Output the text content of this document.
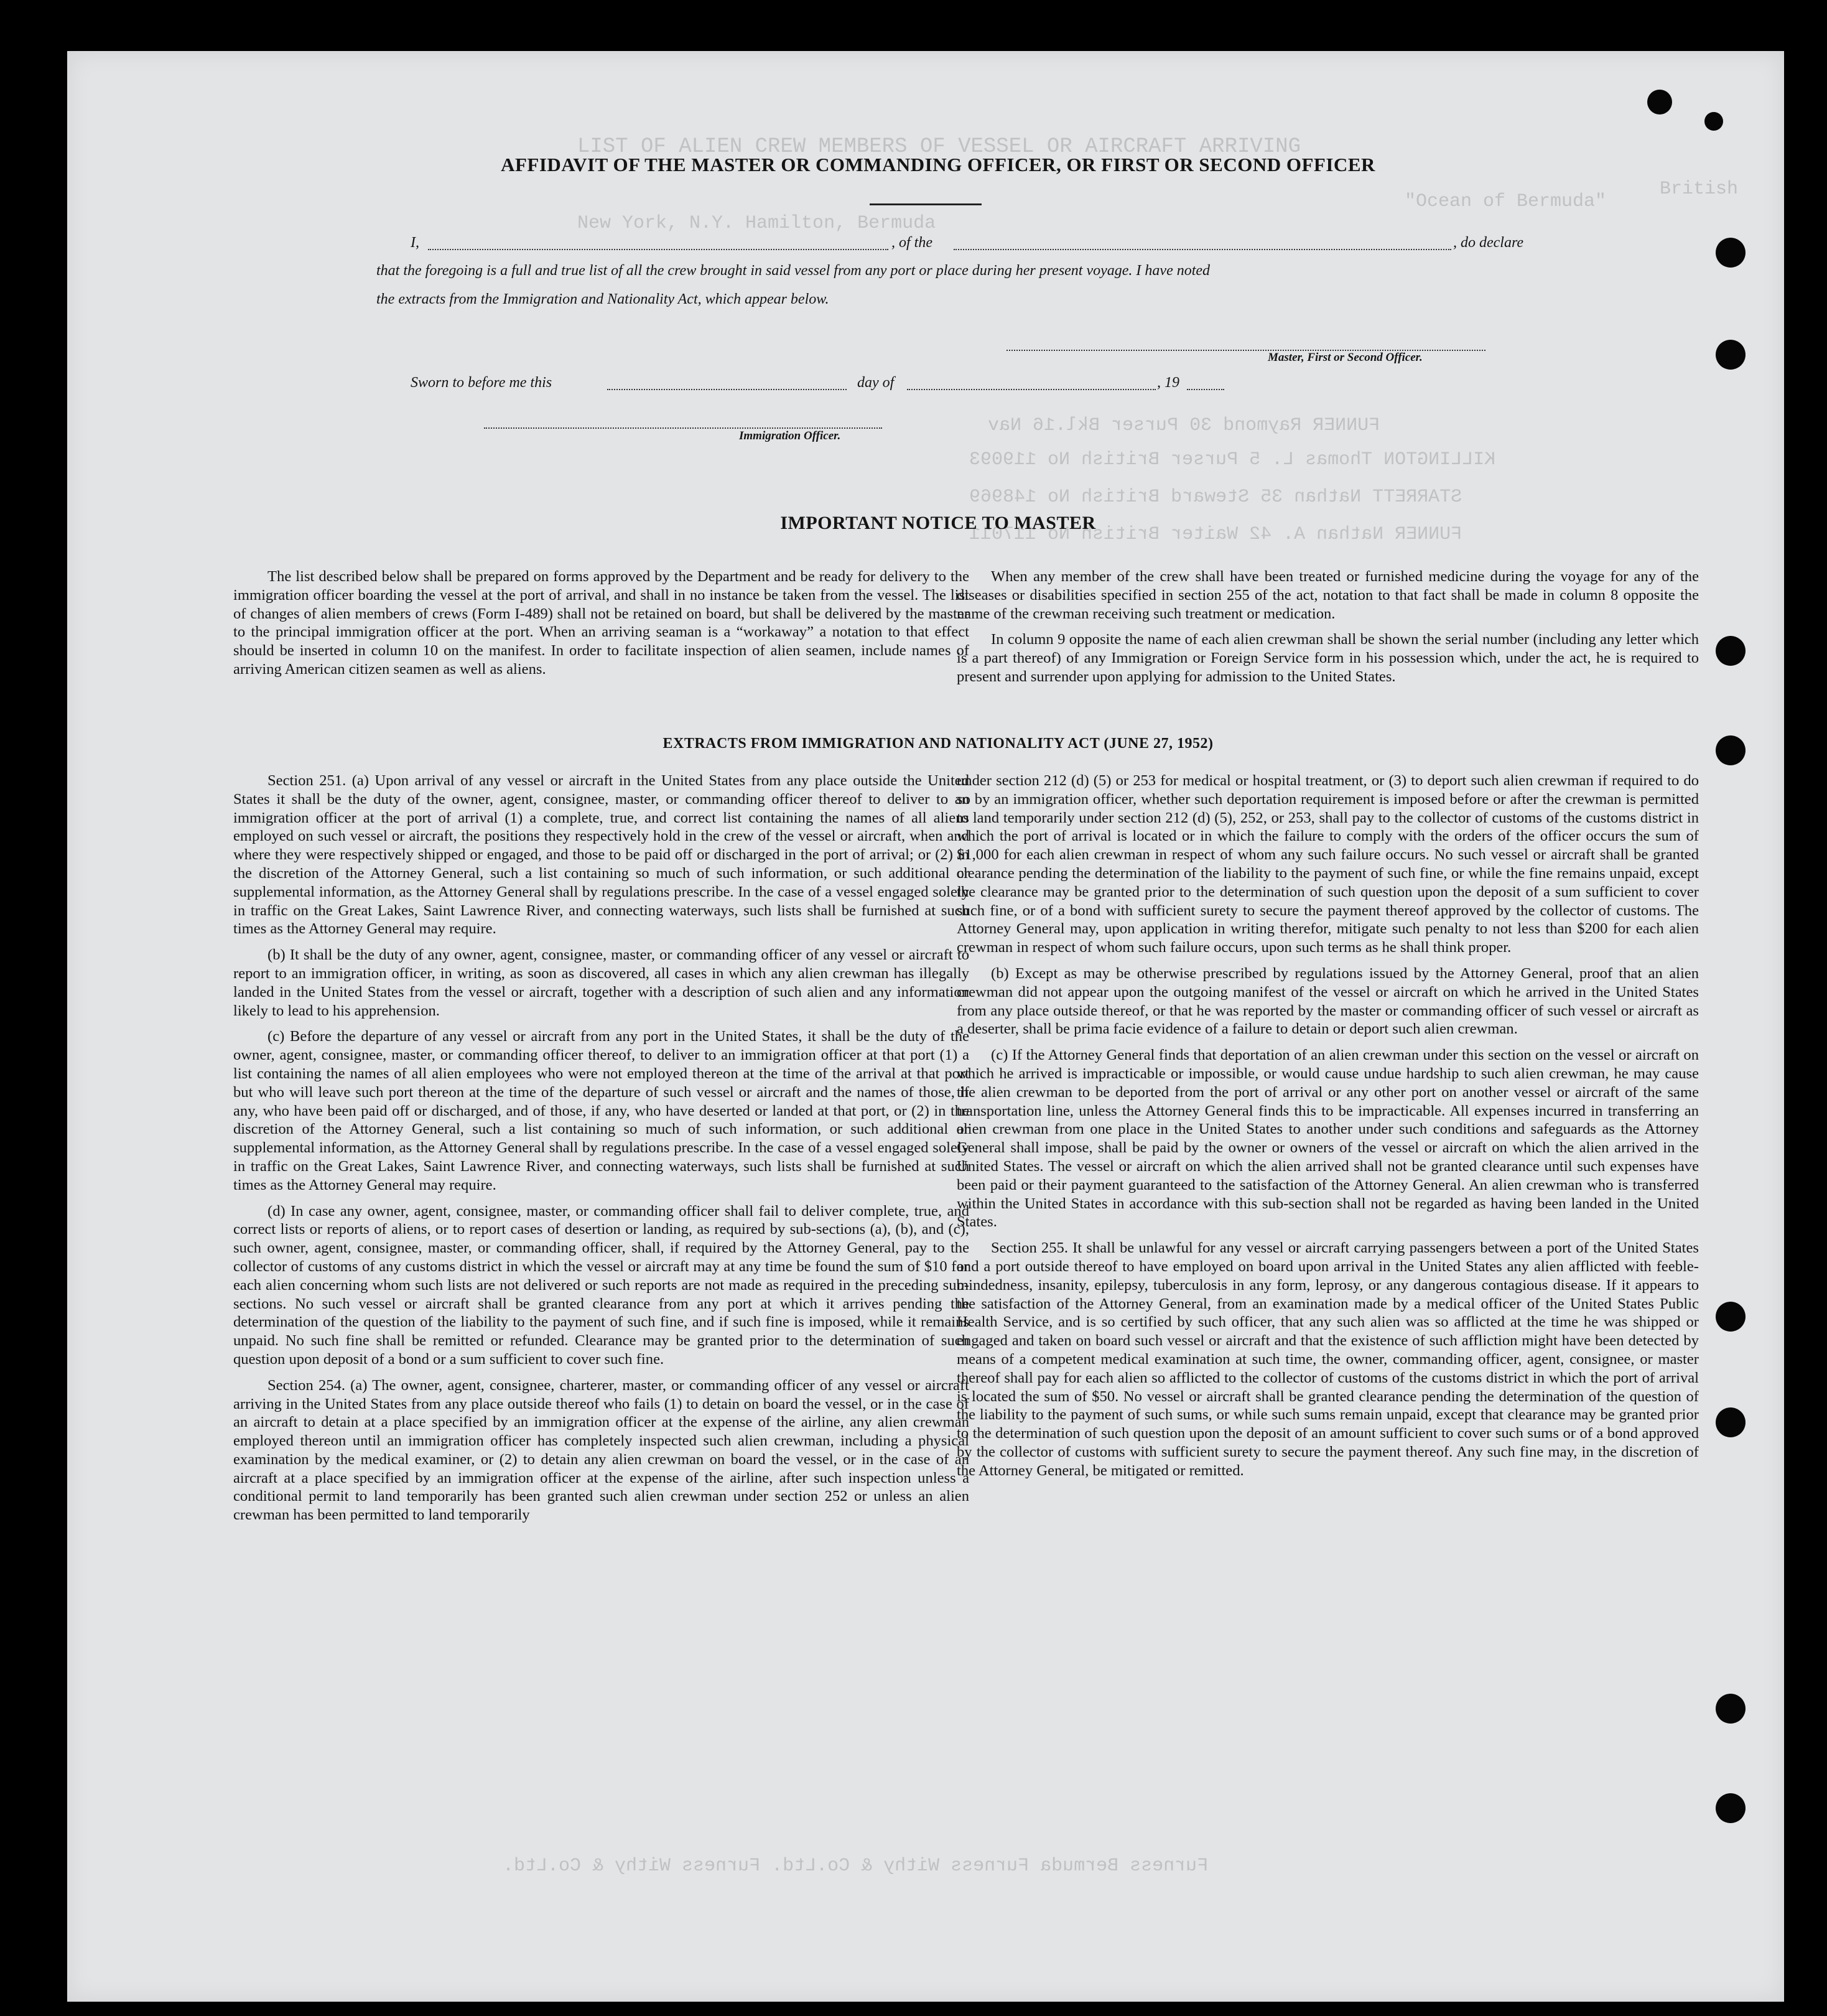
LIST OF ALIEN CREW MEMBERS OF VESSEL OR AIRCRAFT ARRIVING
"Ocean of Bermuda"
British
New York, N.Y. Hamilton, Bermuda
FUNNER Raymond 30 Purser Bkl.16 Nav
KILLINGTON Thomas L. 5 Purser British No 119093
STARRETT Nathan 35 Steward British No 148969
FUNNER Nathan A. 42 Waiter British No 117011
Furness Bermuda Furness Withy & Co.Ltd. Furness Withy & Co.Ltd.
AFFIDAVIT OF THE MASTER OR COMMANDING OFFICER, OR FIRST OR SECOND OFFICER
I,	, of the	, do declare
that the foregoing is a full and true list of all the crew brought in said vessel from any port or place during her present voyage. I have noted
the extracts from the Immigration and Nationality Act, which appear below.
Master, First or Second Officer.
Sworn to before me this	day of	, 19
Immigration Officer.
IMPORTANT NOTICE TO MASTER

The list described below shall be prepared on forms approved by the Department and be ready for delivery to the immigration officer boarding the vessel at the port of arrival, and shall in no instance be taken from the vessel. The list of changes of alien members of crews (Form I-489) shall not be retained on board, but shall be delivered by the master to the principal immigration officer at the port. When an arriving seaman is a “workaway” a notation to that effect should be inserted in column 10 on the manifest. In order to facilitate inspection of alien seamen, include names of arriving American citizen seamen as well as aliens.

When any member of the crew shall have been treated or furnished medicine during the voyage for any of the diseases or disabilities specified in section 255 of the act, notation to that fact shall be made in column 8 opposite the name of the crewman receiving such treatment or medication.

In column 9 opposite the name of each alien crewman shall be shown the serial number (including any letter which is a part thereof) of any Immigration or Foreign Service form in his possession which, under the act, he is required to present and surrender upon applying for admission to the United States.

EXTRACTS FROM IMMIGRATION AND NATIONALITY ACT (JUNE 27, 1952)

Section 251. (a) Upon arrival of any vessel or aircraft in the United States from any place outside the United States it shall be the duty of the owner, agent, consignee, master, or commanding officer thereof to deliver to an immigration officer at the port of arrival (1) a complete, true, and correct list containing the names of all aliens employed on such vessel or aircraft, the positions they respectively hold in the crew of the vessel or aircraft, when and where they were respectively shipped or engaged, and those to be paid off or discharged in the port of arrival; or (2) in the discretion of the Attorney General, such a list containing so much of such information, or such additional or supplemental information, as the Attorney General shall by regulations prescribe. In the case of a vessel engaged solely in traffic on the Great Lakes, Saint Lawrence River, and connecting waterways, such lists shall be furnished at such times as the Attorney General may require.

(b) It shall be the duty of any owner, agent, consignee, master, or commanding officer of any vessel or aircraft to report to an immigration officer, in writing, as soon as discovered, all cases in which any alien crewman has illegally landed in the United States from the vessel or aircraft, together with a description of such alien and any information likely to lead to his apprehension.

(c) Before the departure of any vessel or aircraft from any port in the United States, it shall be the duty of the owner, agent, consignee, master, or commanding officer thereof, to deliver to an immigration officer at that port (1) a list containing the names of all alien employees who were not employed thereon at the time of the arrival at that port but who will leave such port thereon at the time of the departure of such vessel or aircraft and the names of those, if any, who have been paid off or discharged, and of those, if any, who have deserted or landed at that port, or (2) in the discretion of the Attorney General, such a list containing so much of such information, or such additional or supplemental information, as the Attorney General shall by regulations prescribe. In the case of a vessel engaged solely in traffic on the Great Lakes, Saint Lawrence River, and connecting waterways, such lists shall be furnished at such times as the Attorney General may require.

(d) In case any owner, agent, consignee, master, or commanding officer shall fail to deliver complete, true, and correct lists or reports of aliens, or to report cases of desertion or landing, as required by sub-sections (a), (b), and (c), such owner, agent, consignee, master, or commanding officer, shall, if required by the Attorney General, pay to the collector of customs of any customs district in which the vessel or aircraft may at any time be found the sum of $10 for each alien concerning whom such lists are not delivered or such reports are not made as required in the preceding sub-sections. No such vessel or aircraft shall be granted clearance from any port at which it arrives pending the determination of the question of the liability to the payment of such fine, and if such fine is imposed, while it remains unpaid. No such fine shall be remitted or refunded. Clearance may be granted prior to the determination of such question upon deposit of a bond or a sum sufficient to cover such fine.

Section 254. (a) The owner, agent, consignee, charterer, master, or commanding officer of any vessel or aircraft arriving in the United States from any place outside thereof who fails (1) to detain on board the vessel, or in the case of an aircraft to detain at a place specified by an immigration officer at the expense of the airline, any alien crewman employed thereon until an immigration officer has completely inspected such alien crewman, including a physical examination by the medical examiner, or (2) to detain any alien crewman on board the vessel, or in the case of an aircraft at a place specified by an immigration officer at the expense of the airline, after such inspection unless a conditional permit to land temporarily has been granted such alien crewman under section 252 or unless an alien crewman has been permitted to land temporarily

under section 212 (d) (5) or 253 for medical or hospital treatment, or (3) to deport such alien crewman if required to do so by an immigration officer, whether such deportation requirement is imposed before or after the crewman is permitted to land temporarily under section 212 (d) (5), 252, or 253, shall pay to the collector of customs of the customs district in which the port of arrival is located or in which the failure to comply with the orders of the officer occurs the sum of $1,000 for each alien crewman in respect of whom any such failure occurs. No such vessel or aircraft shall be granted clearance pending the determination of the liability to the payment of such fine, or while the fine remains unpaid, except the clearance may be granted prior to the determination of such question upon the deposit of a sum sufficient to cover such fine, or of a bond with sufficient surety to secure the payment thereof approved by the collector of customs. The Attorney General may, upon application in writing therefor, mitigate such penalty to not less than $200 for each alien crewman in respect of whom such failure occurs, upon such terms as he shall think proper.

(b) Except as may be otherwise prescribed by regulations issued by the Attorney General, proof that an alien crewman did not appear upon the outgoing manifest of the vessel or aircraft on which he arrived in the United States from any place outside thereof, or that he was reported by the master or commanding officer of such vessel or aircraft as a deserter, shall be prima facie evidence of a failure to detain or deport such alien crewman.

(c) If the Attorney General finds that deportation of an alien crewman under this section on the vessel or aircraft on which he arrived is impracticable or impossible, or would cause undue hardship to such alien crewman, he may cause the alien crewman to be deported from the port of arrival or any other port on another vessel or aircraft of the same transportation line, unless the Attorney General finds this to be impracticable. All expenses incurred in transferring an alien crewman from one place in the United States to another under such conditions and safeguards as the Attorney General shall impose, shall be paid by the owner or owners of the vessel or aircraft on which the alien arrived in the United States. The vessel or aircraft on which the alien arrived shall not be granted clearance until such expenses have been paid or their payment guaranteed to the satisfaction of the Attorney General. An alien crewman who is transferred within the United States in accordance with this sub-section shall not be regarded as having been landed in the United States.

Section 255. It shall be unlawful for any vessel or aircraft carrying passengers between a port of the United States and a port outside thereof to have employed on board upon arrival in the United States any alien afflicted with feeble-mindedness, insanity, epilepsy, tuberculosis in any form, leprosy, or any dangerous contagious disease. If it appears to the satisfaction of the Attorney General, from an examination made by a medical officer of the United States Public Health Service, and is so certified by such officer, that any such alien was so afflicted at the time he was shipped or engaged and taken on board such vessel or aircraft and that the existence of such affliction might have been detected by means of a competent medical examination at such time, the owner, commanding officer, agent, consignee, or master thereof shall pay for each alien so afflicted to the collector of customs of the customs district in which the port of arrival is located the sum of $50. No vessel or aircraft shall be granted clearance pending the determination of the question of the liability to the payment of such sums, or while such sums remain unpaid, except that clearance may be granted prior to the determination of such question upon the deposit of an amount sufficient to cover such sums or of a bond approved by the collector of customs with sufficient surety to secure the payment thereof. Any such fine may, in the discretion of the Attorney General, be mitigated or remitted.
